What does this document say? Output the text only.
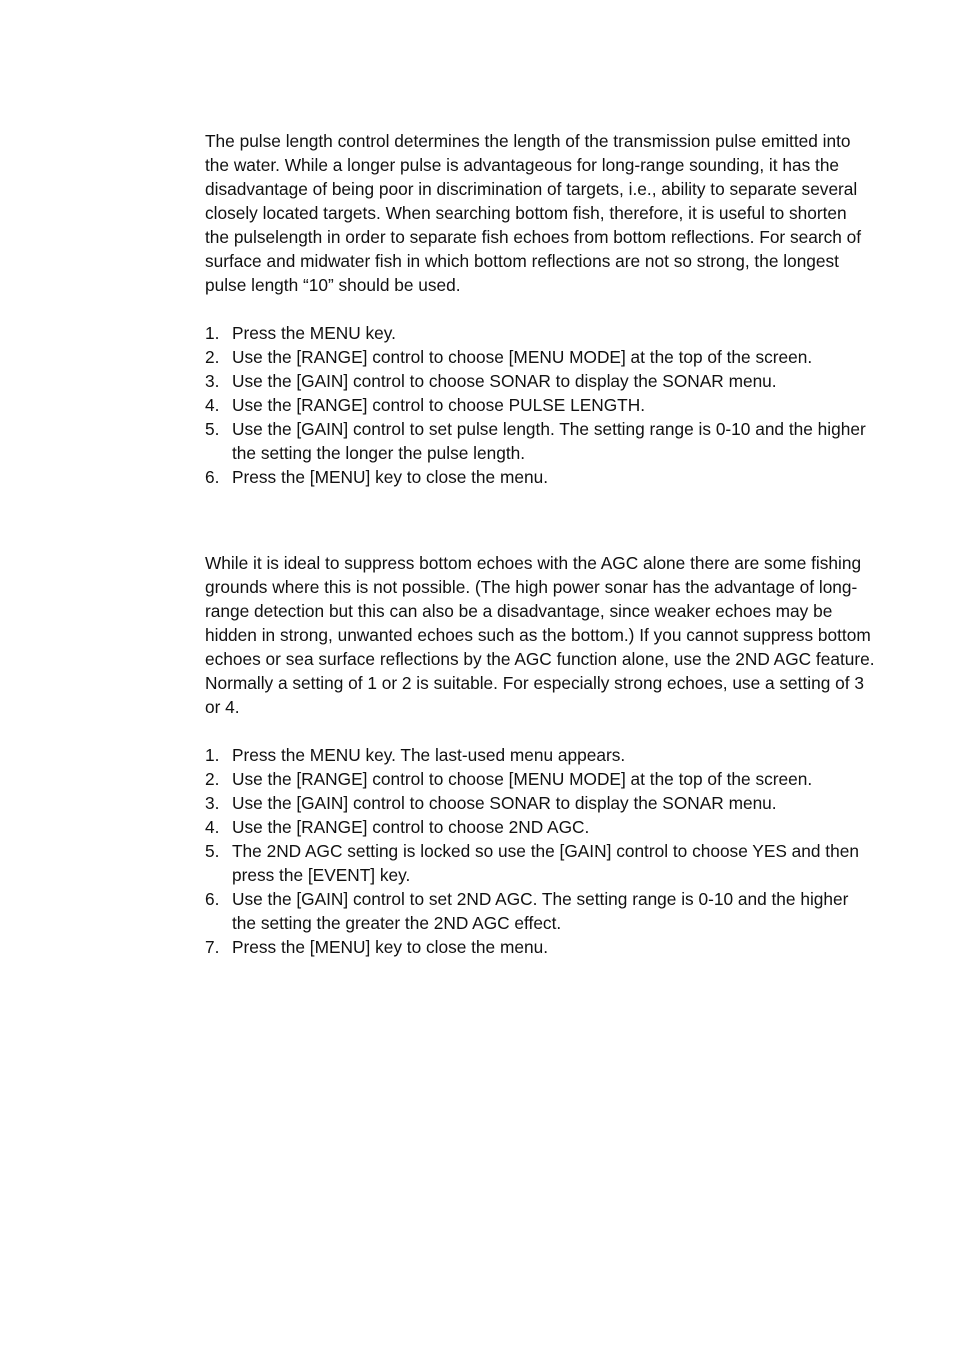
The pulse length control determines the length of the transmission pulse emitted into the water. While a longer pulse is advantageous for long-range sounding, it has the disadvantage of being poor in discrimination of targets, i.e., ability to separate several closely located targets. When searching bottom fish, therefore, it is useful to shorten the pulselength in order to separate fish echoes from bottom reflections. For search of surface and midwater fish in which bottom reflections are not so strong, the longest pulse length “10” should be used.

1. Press the MENU key.
2. Use the [RANGE] control to choose [MENU MODE] at the top of the screen.
3. Use the [GAIN] control to choose SONAR to display the SONAR menu.
4. Use the [RANGE] control to choose PULSE LENGTH.
5. Use the [GAIN] control to set pulse length. The setting range is 0-10 and the higher the setting the longer the pulse length.
6. Press the [MENU] key to close the menu.

While it is ideal to suppress bottom echoes with the AGC alone there are some fishing grounds where this is not possible. (The high power sonar has the advantage of long-range detection but this can also be a disadvantage, since weaker echoes may be hidden in strong, unwanted echoes such as the bottom.) If you cannot suppress bottom echoes or sea surface reflections by the AGC function alone, use the 2ND AGC feature. Normally a setting of 1 or 2 is suitable. For especially strong echoes, use a setting of 3 or 4.

1. Press the MENU key. The last-used menu appears.
2. Use the [RANGE] control to choose [MENU MODE] at the top of the screen.
3. Use the [GAIN] control to choose SONAR to display the SONAR menu.
4. Use the [RANGE] control to choose 2ND AGC.
5. The 2ND AGC setting is locked so use the [GAIN] control to choose YES and then press the [EVENT] key.
6. Use the [GAIN] control to set 2ND AGC. The setting range is 0-10 and the higher the setting the greater the 2ND AGC effect.
7. Press the [MENU] key to close the menu.
